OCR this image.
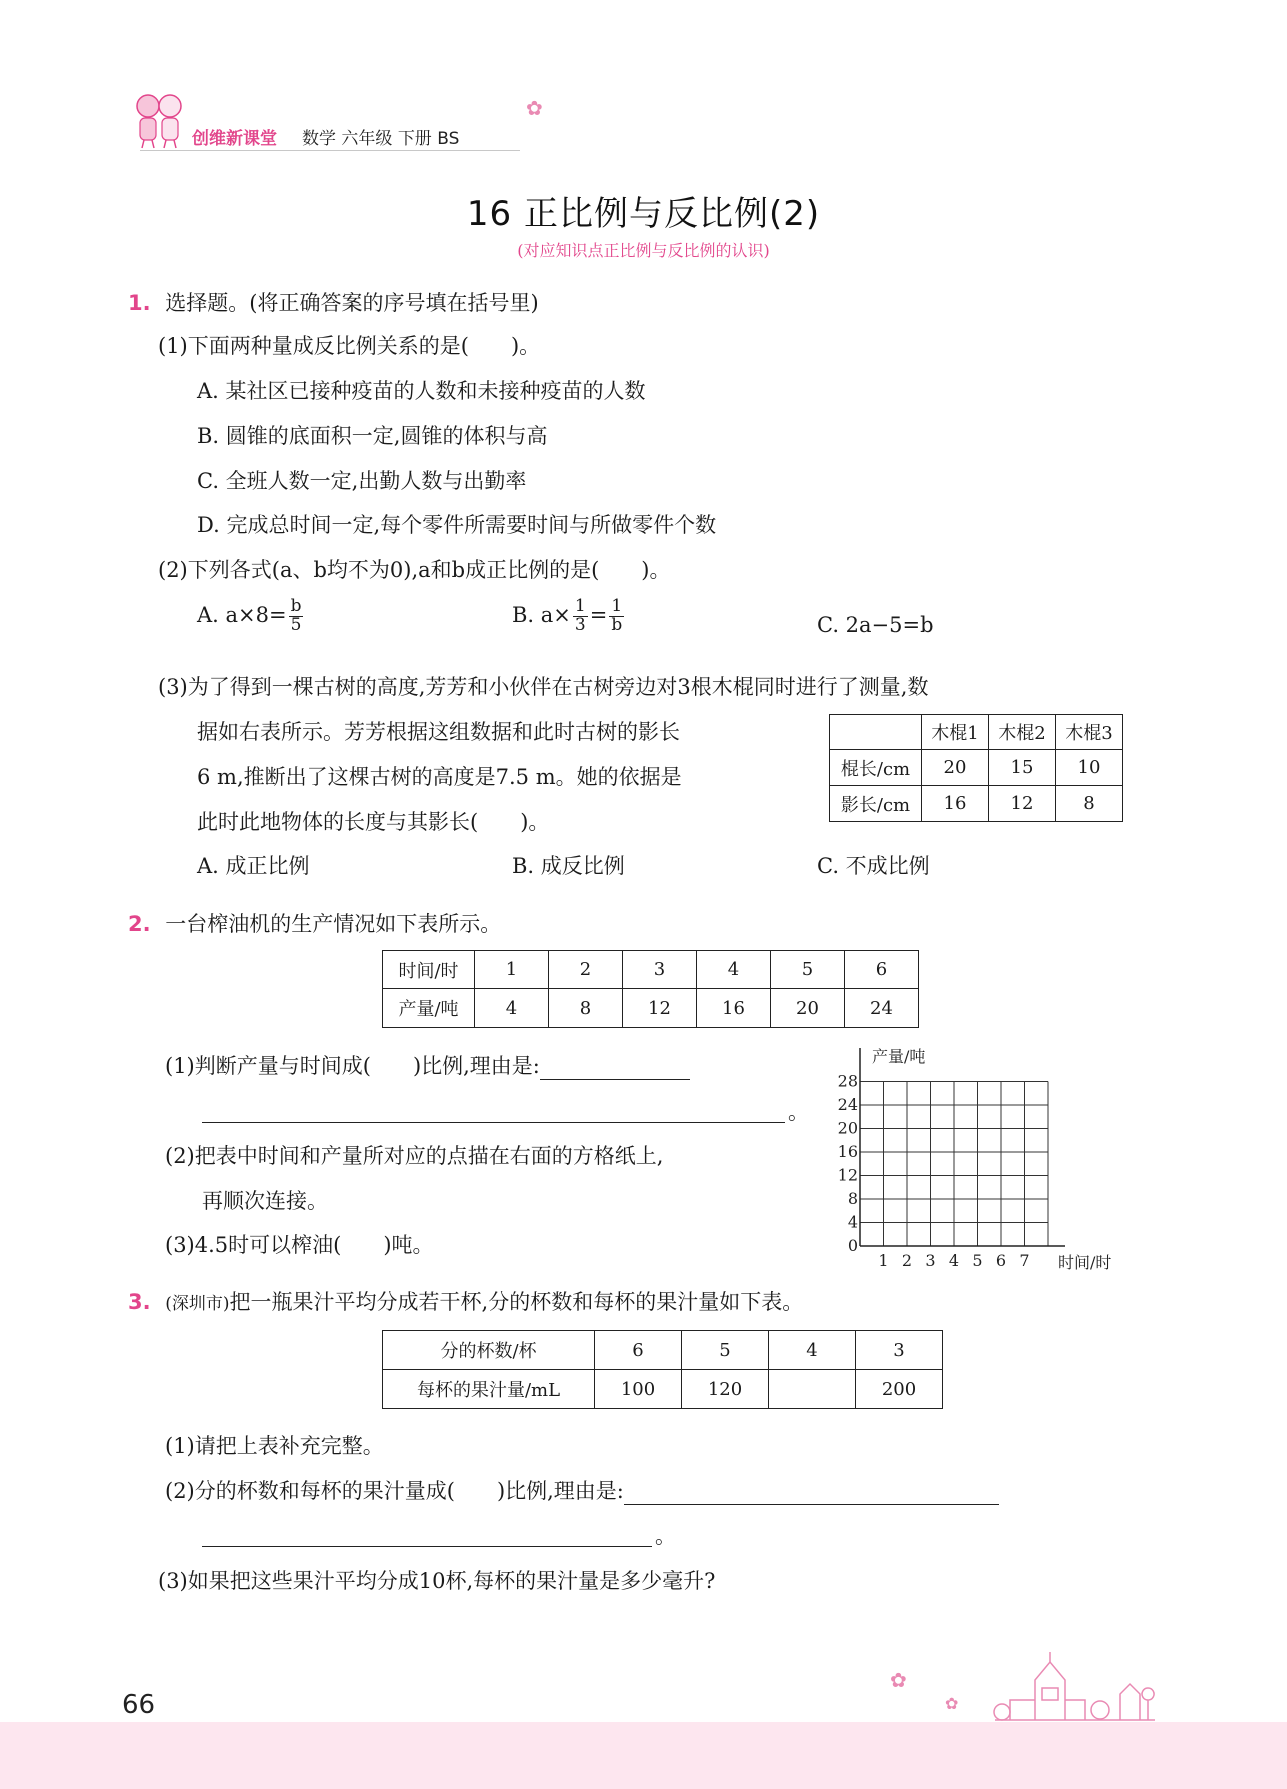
创维新课堂 数学 六年级 下册 BS
✿
16 正比例与反比例(2)
(对应知识点正比例与反比例的认识)
1. 选择题。(将正确答案的序号填在括号里)
(1)下面两种量成反比例关系的是(　　)。
A. 某社区已接种疫苗的人数和未接种疫苗的人数
B. 圆锥的底面积一定,圆锥的体积与高
C. 全班人数一定,出勤人数与出勤率
D. 完成总时间一定,每个零件所需要时间与所做零件个数
(2)下列各式(a、b均不为0),a和b成正比例的是(　　)。
A. $a\times 8= \frac{b}{5}$	B. $a\times \frac{1}{3} = \frac{1}{b}$	C. 2a−5=b
(3)为了得到一棵古树的高度,芳芳和小伙伴在古树旁边对3根木棍同时进行了测量,数
据如右表所示。芳芳根据这组数据和此时古树的影长
6 m,推断出了这棵古树的高度是7.5 m。她的依据是
此时此地物体的长度与其影长(　　)。
	木棍1	木棍2	木棍3
棍长/cm	20	15	10
影长/cm	16	12	8
A. 成正比例	B. 成反比例	C. 不成比例
2. 一台榨油机的生产情况如下表所示。
时间/时	1	2	3	4	5	6
产量/吨	4	8	12	16	20	24
(1)判断产量与时间成(　　)比例,理由是:
。
(2)把表中时间和产量所对应的点描在右面的方格纸上,
再顺次连接。
(3)4.5时可以榨油(　　)吨。
产量/吨
0
4
8
12
16
20
24
28
1 2 3 4 5 6 7 时间/时
3. (深圳市)把一瓶果汁平均分成若干杯,分的杯数和每杯的果汁量如下表。
分的杯数/杯	6	5	4	3
每杯的果汁量/mL	100	120		200
(1)请把上表补充完整。
(2)分的杯数和每杯的果汁量成(　　)比例,理由是:
。
(3)如果把这些果汁平均分成10杯,每杯的果汁量是多少毫升?
66
✿
✿
